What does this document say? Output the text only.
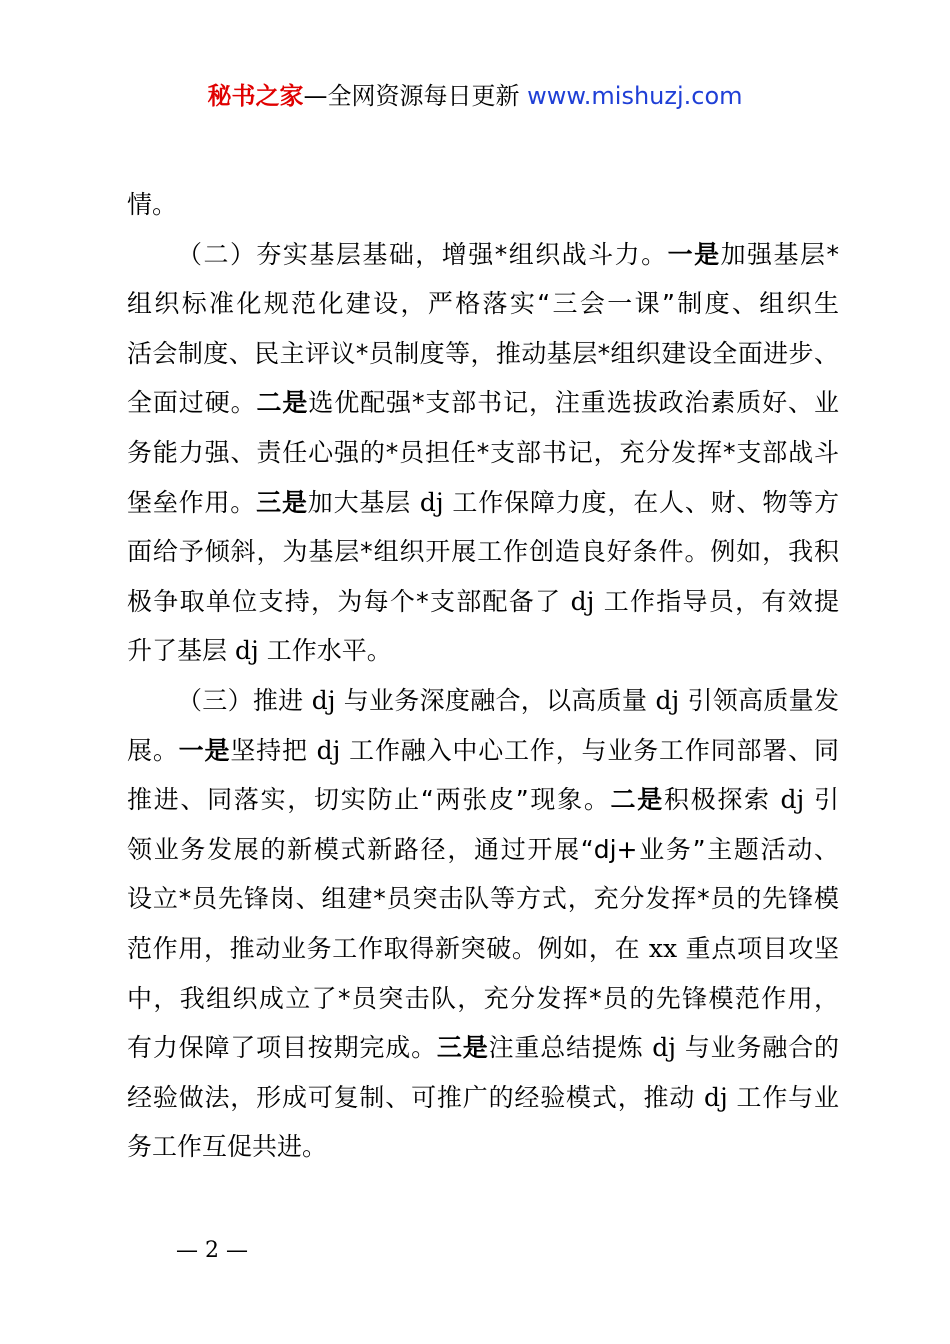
秘书之家—全网资源每日更新 www.mishuzj.com
情。
（二）夯实基层基础，增强*组织战斗力。一是加强基层*
组织标准化规范化建设，严格落实“三会一课”制度、组织生
活会制度、民主评议*员制度等，推动基层*组织建设全面进步、
全面过硬。二是选优配强*支部书记，注重选拔政治素质好、业
务能力强、责任心强的*员担任*支部书记，充分发挥*支部战斗
堡垒作用。三是加大基层 dj 工作保障力度，在人、财、物等方
面给予倾斜，为基层*组织开展工作创造良好条件。例如，我积
极争取单位支持，为每个*支部配备了 dj 工作指导员，有效提
升了基层 dj 工作水平。
（三）推进 dj 与业务深度融合，以高质量 dj 引领高质量发
展。一是坚持把 dj 工作融入中心工作，与业务工作同部署、同
推进、同落实，切实防止“两张皮”现象。二是积极探索 dj 引
领业务发展的新模式新路径，通过开展“dj+业务”主题活动、
设立*员先锋岗、组建*员突击队等方式，充分发挥*员的先锋模
范作用，推动业务工作取得新突破。例如，在 xx 重点项目攻坚
中，我组织成立了*员突击队，充分发挥*员的先锋模范作用，
有力保障了项目按期完成。三是注重总结提炼 dj 与业务融合的
经验做法，形成可复制、可推广的经验模式，推动 dj 工作与业
务工作互促共进。
— 2 —
